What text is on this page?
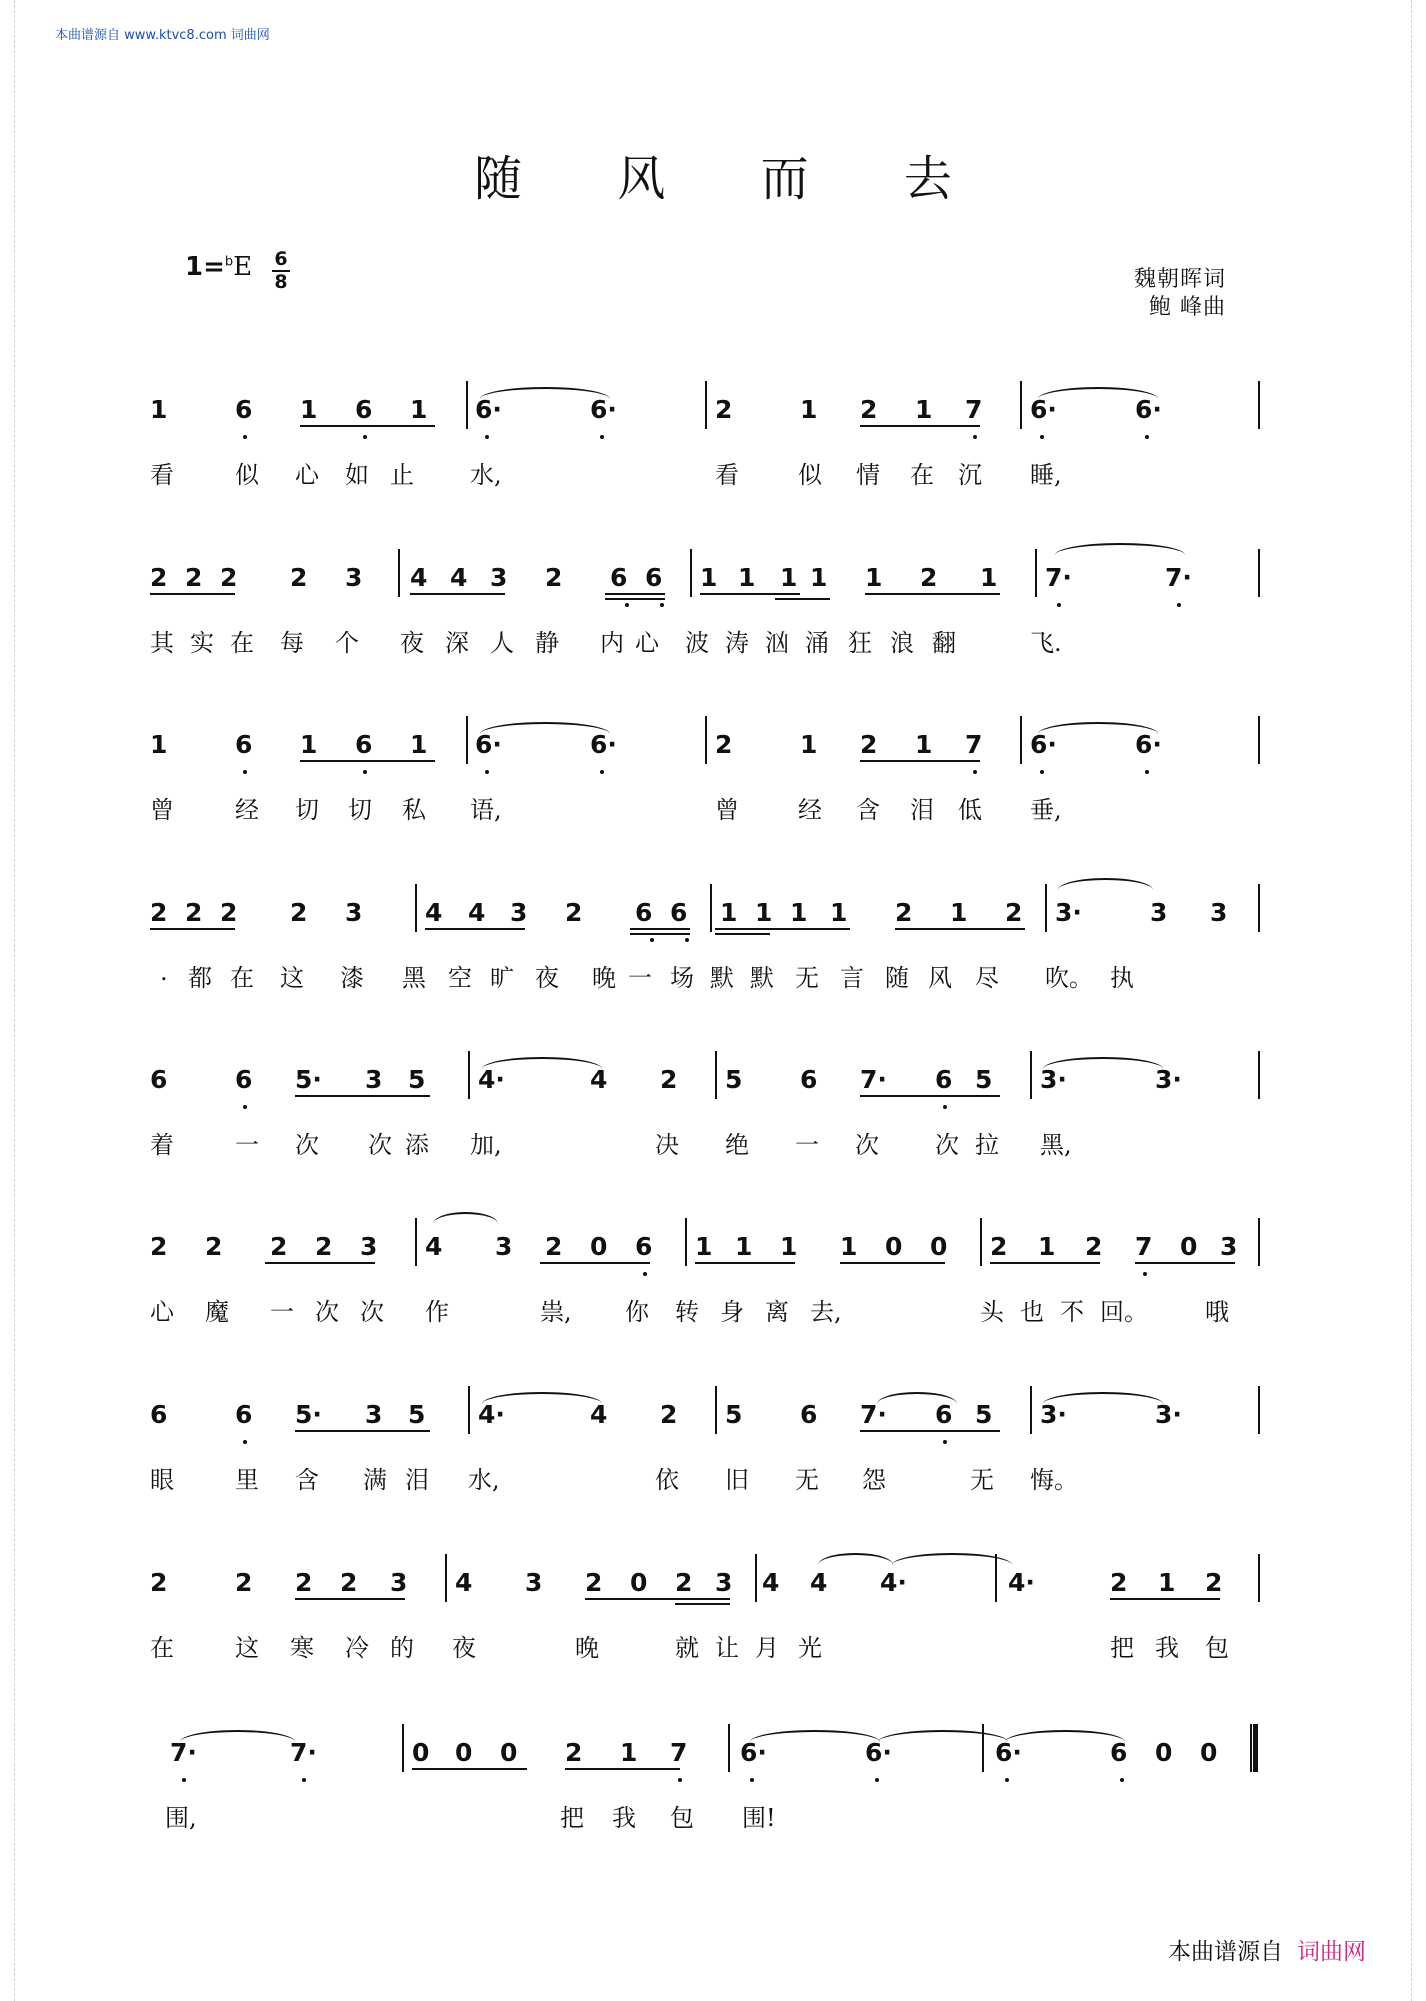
本曲谱源自 www.ktvc8.com 词曲网
随 风 而 去
1=$^b$E 6
8	魏朝晖词
鲍 峰曲
1	6 1 6 1 6·	6·	2	1 2 1 7 6·	6·
看	似 心 如 止 水,	看 似 情 在 沉 睡,
2 2 2 2 3 4 4 3 2 6 6 1 1 1 1 1 2 1 7·	7·
其 实 在 每 个 夜 深 人 静 内 心 波 涛 汹 涌 狂 浪 翻	飞.
1	6 1 6 1 6·	6·	2	1 2 1 7 6·	6·
曾	经 切 切 私 语,	曾 经 含 泪 低 垂,
2 2 2 2 3	4 4 3 2 6 6 1 1 1 1 2 1 2 3·	3 3
. 都 在 这 漆 黑 空 旷 夜 晚 一 场 默 默 无 言 随 风 尽 吹。 执
6	6 5· 3 5 4·	4 2 5 6 7· 6 5 3·	3·
着	一 次 次 添 加,	决 绝 一 次 次 拉 黑,
2 2 2 2 3 4 3 2 0 6 1 1 1 1 0 0 2 1 2 7 0 3
心 魔 一 次 次 作	祟, 你 转 身 离 去,	头 也 不 回。 哦
6	6 5· 3 5 4·	4 2 5 6 7· 6 5 3·	3·
眼	里 含 满 泪 水,	依 旧 无 怨	无 悔。
2	2 2 2 3 4 3 2 0 2 3 4 4 4·	4·	2 1 2
在	这 寒 冷 的 夜	晚	就 让 月 光	把 我 包
7·	7·	0 0 0 2 1 7 6·	6·	6·	6 0 0
围,	把 我 包 围!
本曲谱源自 词曲网
